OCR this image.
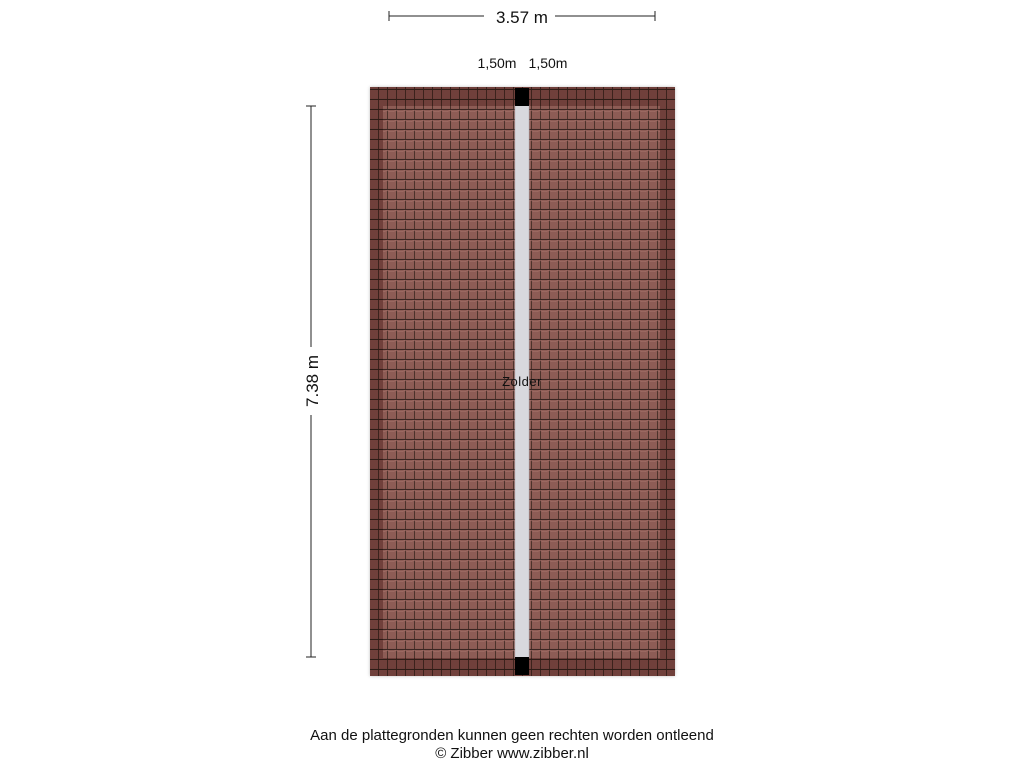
3.57 m
1,50m 1,50m
7.38 m	Zolder
Aan de plattegronden kunnen geen rechten worden ontleend
© Zibber www.zibber.nl
